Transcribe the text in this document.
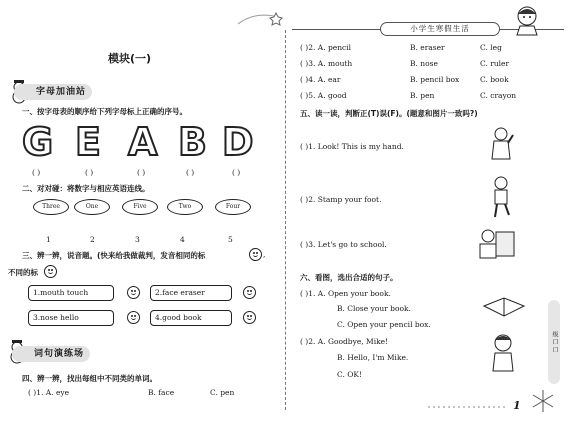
小学生寒假生活
模块(一)
字母加油站
一、按字母表的顺序给下列字母标上正确的序号。
G E A B D
( )	( )	( )	( )	( )
二、对对碰：将数字与相应英语连线。
Three	One	Five	Two	Four
1	2	3	4	5
三、辨一辨，说音题。(快来给我做裁判，发音相同的标	,
不同的标
1.mouth touch	2.face eraser
3.nose hello	4.good book
词句演练场
四、辨一辨，找出每组中不同类的单词。
( )1. A. eye	B. face	C. pen
( )2. A. pencil	B. eraser	C. leg
( )3. A. mouth	B. nose	C. ruler
( )4. A. ear	B. pencil box	C. book
( )5. A. good	B. pen	C. crayon
五、读一读，判断正(T)误(F)。(题意和图片一致吗?)
( )1. Look! This is my hand.
( )2. Stamp your foot.
( )3. Let's go to school.
六、看图，选出合适的句子。
( )1. A. Open your book.
B. Close your book.
C. Open your pencil box.
( )2. A. Goodbye, Mike!
B. Hello, I'm Mike.
C. OK!
级 口 口
1
